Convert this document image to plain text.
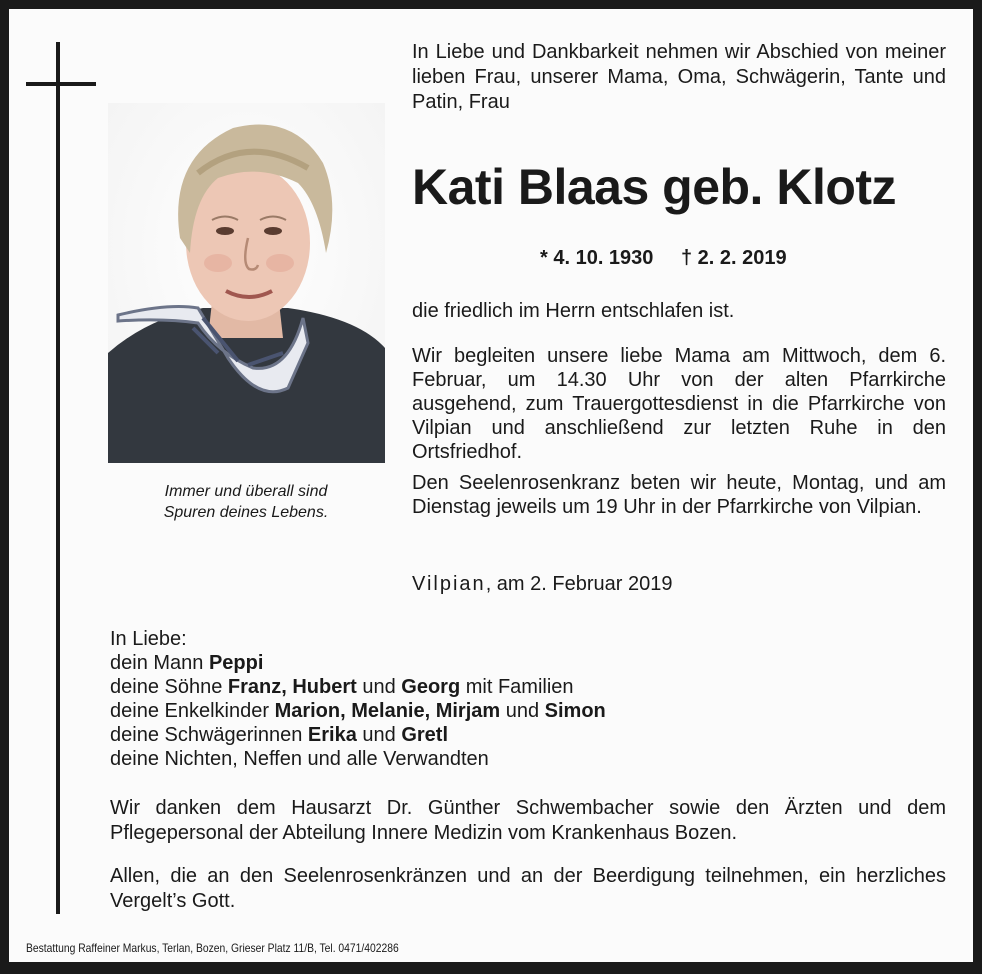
Immer und überall sind
Spuren deines Lebens.
In Liebe und Dankbarkeit nehmen wir Abschied von meiner lieben Frau, unserer Mama, Oma, Schwägerin, Tante und Patin, Frau
Kati Blaas geb. Klotz
* 4. 10. 1930 † 2. 2. 2019
die friedlich im Herrn entschlafen ist.
Wir begleiten unsere liebe Mama am Mittwoch, dem 6. Februar, um 14.30 Uhr von der alten Pfarrkirche ausgehend, zum Trauergottesdienst in die Pfarrkirche von Vilpian und anschließend zur letzten Ruhe in den Ortsfriedhof.
Den Seelenrosenkranz beten wir heute, Montag, und am Dienstag jeweils um 19 Uhr in der Pfarrkirche von Vilpian.
Vilpian, am 2. Februar 2019
In Liebe:
dein Mann Peppi
deine Söhne Franz, Hubert und Georg mit Familien
deine Enkelkinder Marion, Melanie, Mirjam und Simon
deine Schwägerinnen Erika und Gretl
deine Nichten, Neffen und alle Verwandten
Wir danken dem Hausarzt Dr. Günther Schwembacher sowie den Ärzten und dem Pflegepersonal der Abteilung Innere Medizin vom Krankenhaus Bozen.
Allen, die an den Seelenrosenkränzen und an der Beerdigung teilnehmen, ein herzliches Vergelt’s Gott.
Bestattung Raffeiner Markus, Terlan, Bozen, Grieser Platz 11/B, Tel. 0471/402286
